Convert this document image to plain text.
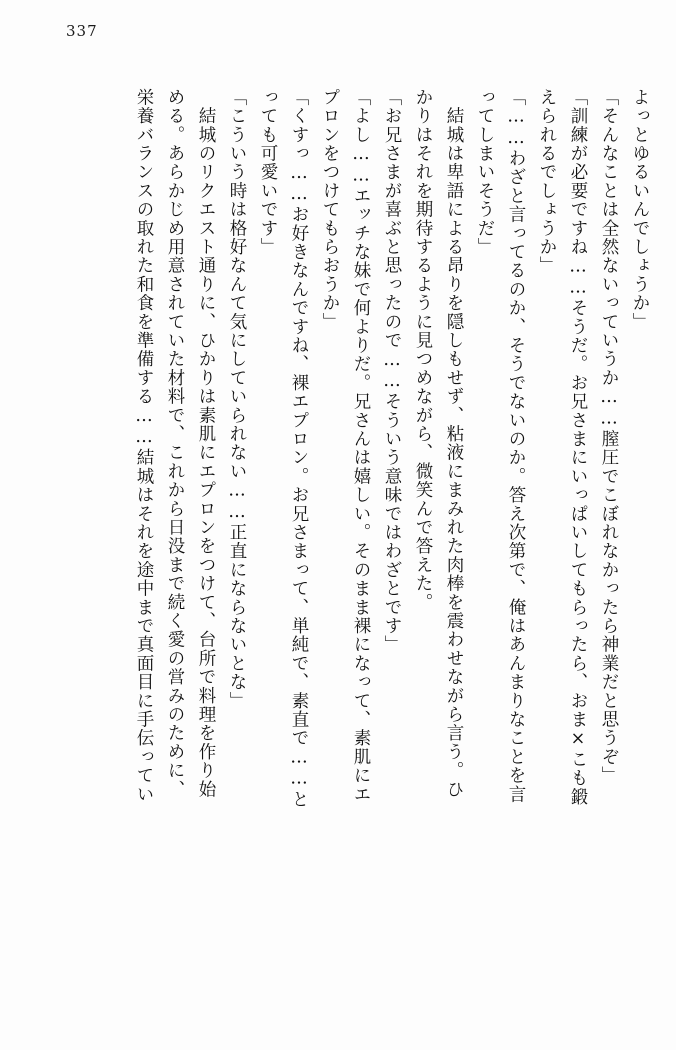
337
よっとゆるいんでしょうか」
「そんなことは全然ないっていうか……膣圧でこぼれなかったら神業だと思うぞ」
「訓練が必要ですね……そうだ。お兄さまにいっぱいしてもらったら、おま×こも鍛
えられるでしょうか」
「……わざと言ってるのか、そうでないのか。答え次第で、俺はあんまりなことを言
ってしまいそうだ」
　結城は卑語による昂りを隠しもせず、粘液にまみれた肉棒を震わせながら言う。ひ
かりはそれを期待するように見つめながら、微笑んで答えた。
「お兄さまが喜ぶと思ったので……そういう意味ではわざとです」
「よし……エッチな妹で何よりだ。兄さんは嬉しい。そのまま裸になって、素肌にエ
プロンをつけてもらおうか」
「くすっ……お好きなんですね、裸エプロン。お兄さまって、単純で、素直で……と
っても可愛いです」
「こういう時は格好なんて気にしていられない……正直にならないとな」
　結城のリクエスト通りに、ひかりは素肌にエプロンをつけて、台所で料理を作り始
める。あらかじめ用意されていた材料で、これから日没まで続く愛の営みのために、
栄養バランスの取れた和食を準備する……結城はそれを途中まで真面目に手伝ってい
